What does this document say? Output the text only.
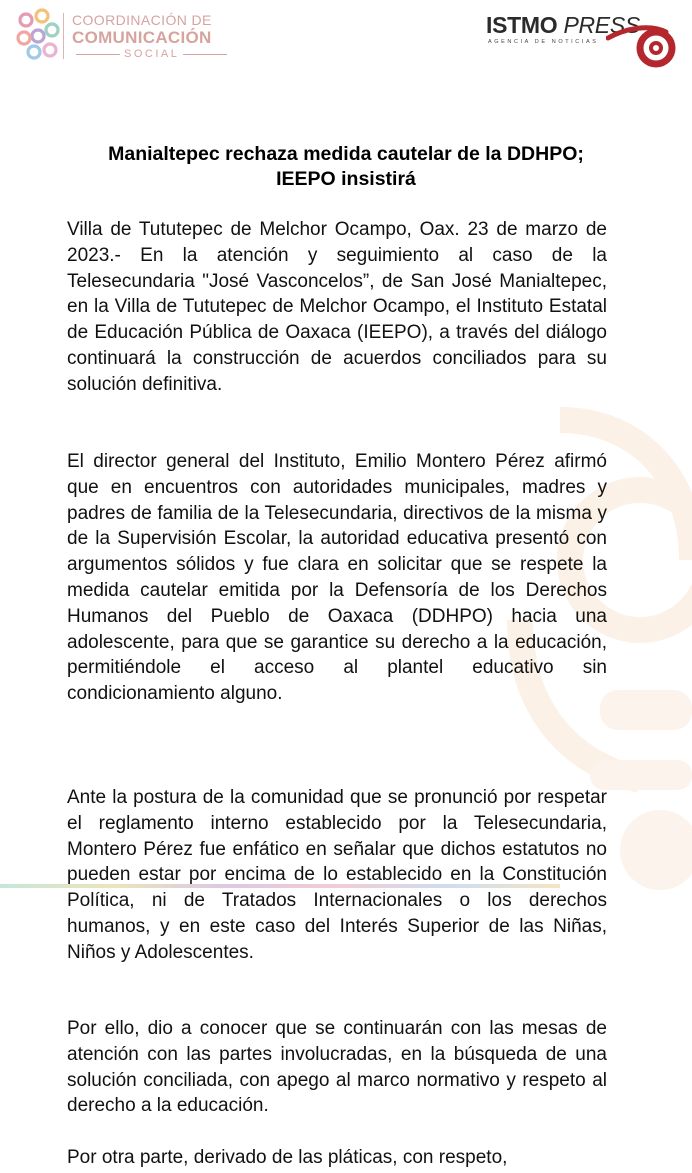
COORDINACIÓN DE
COMUNICACIÓN
SOCIAL
ISTMO PRESS
AGENCIA DE NOTICIAS
Manialtepec rechaza medida cautelar de la DDHPO;
IEEPO insistirá
Villa de Tututepec de Melchor Ocampo, Oax. 23 de marzo de 2023.- En la atención y seguimiento al caso de la Telesecundaria "José Vasconcelos”, de San José Manialtepec, en la Villa de Tututepec de Melchor Ocampo, el Instituto Estatal de Educación Pública de Oaxaca (IEEPO), a través del diálogo continuará la construcción de acuerdos conciliados para su solución definitiva.
El director general del Instituto, Emilio Montero Pérez afirmó que en encuentros con autoridades municipales, madres y padres de familia de la Telesecundaria, directivos de la misma y de la Supervisión Escolar, la autoridad educativa presentó con argumentos sólidos y fue clara en solicitar que se respete la medida cautelar emitida por la Defensoría de los Derechos Humanos del Pueblo de Oaxaca (DDHPO) hacia una adolescente, para que se garantice su derecho a la educación, permitiéndole el acceso al plantel educativo sin condicionamiento alguno.
Ante la postura de la comunidad que se pronunció por respetar el reglamento interno establecido por la Telesecundaria, Montero Pérez fue enfático en señalar que dichos estatutos no pueden estar por encima de lo establecido en la Constitución Política, ni de Tratados Internacionales o los derechos humanos, y en este caso del Interés Superior de las Niñas, Niños y Adolescentes.
Por ello, dio a conocer que se continuarán con las mesas de atención con las partes involucradas, en la búsqueda de una solución conciliada, con apego al marco normativo y respeto al derecho a la educación.
Por otra parte, derivado de las pláticas, con respeto,
